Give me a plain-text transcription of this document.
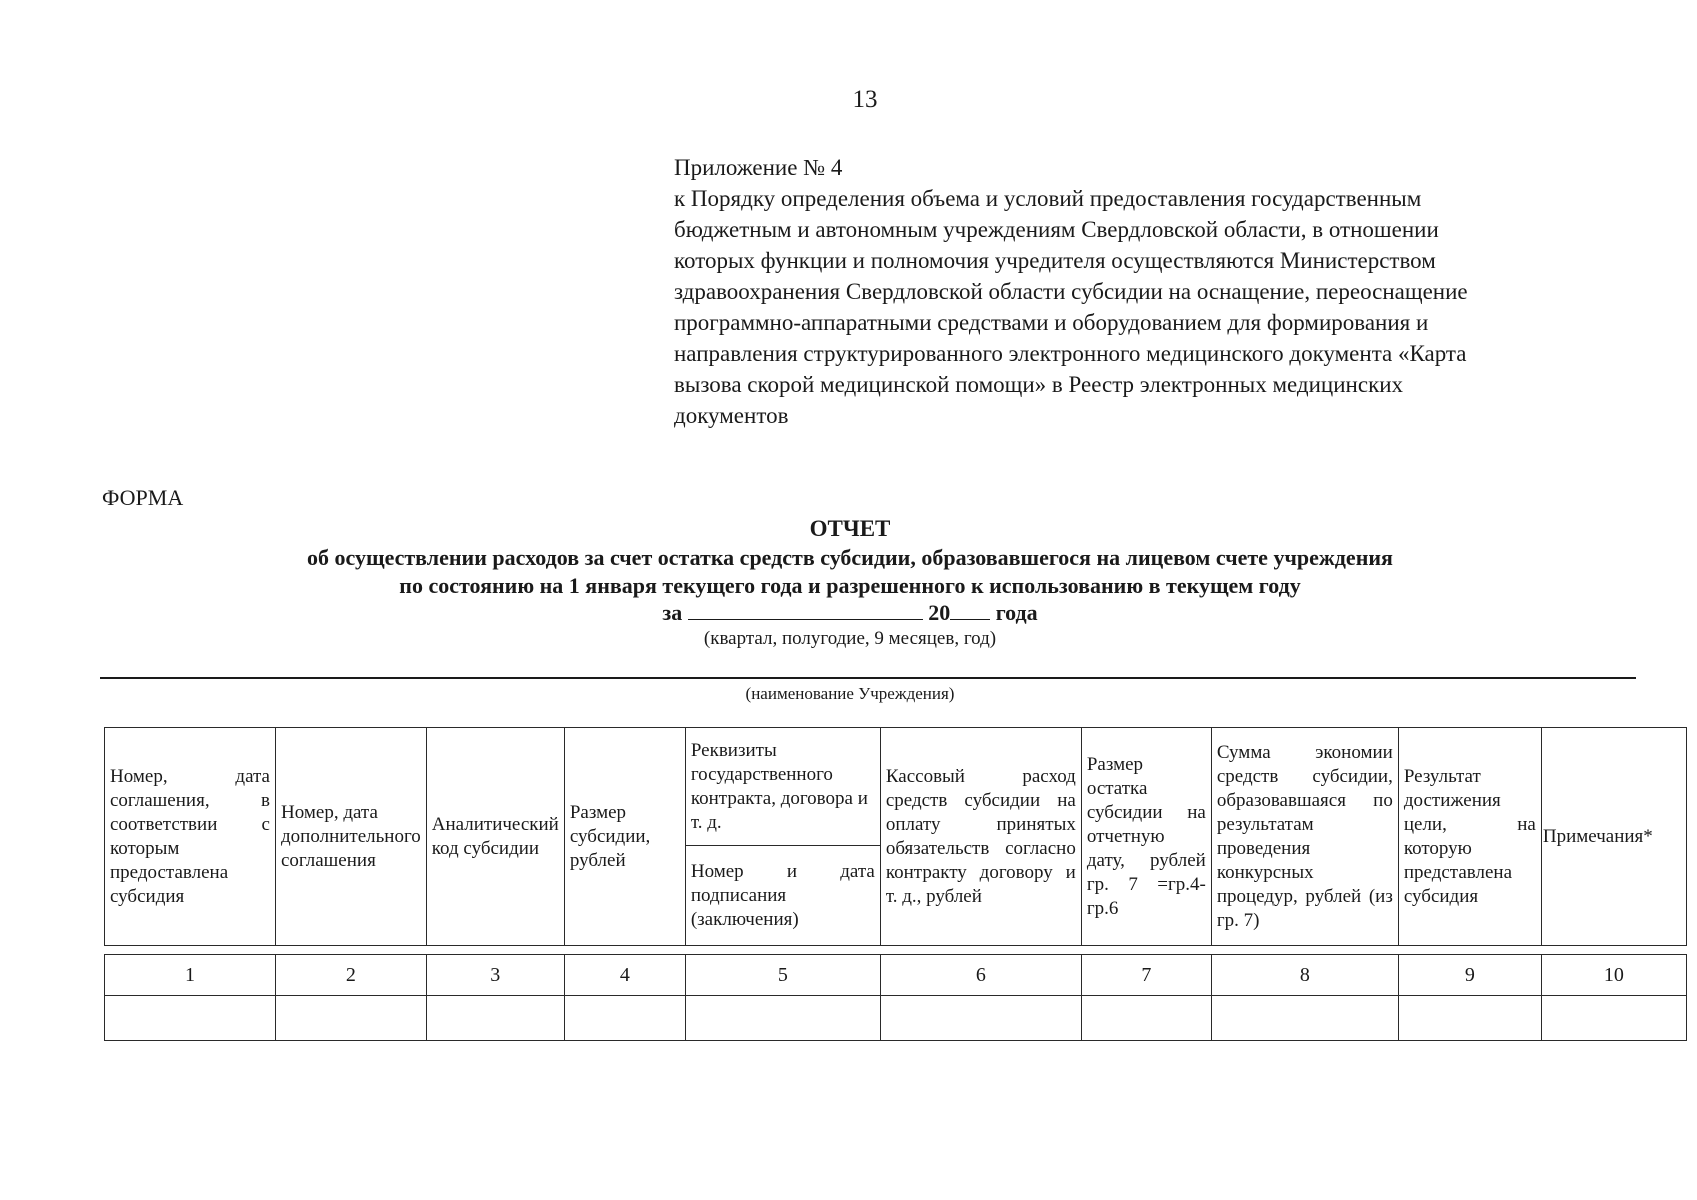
13
Приложение № 4
к Порядку определения объема и условий предоставления государственным
бюджетным и автономным учреждениям Свердловской области, в отношении
которых функции и полномочия учредителя осуществляются Министерством
здравоохранения Свердловской области субсидии на оснащение, переоснащение
программно-аппаратными средствами и оборудованием для формирования и
направления структурированного электронного медицинского документа «Карта
вызова скорой медицинской помощи» в Реестр электронных медицинских
документов
ФОРМА
ОТЧЕТ
об осуществлении расходов за счет остатка средств субсидии, образовавшегося на лицевом счете учреждения
по состоянию на 1 января текущего года и разрешенного к использованию в текущем году
за	20 года
(квартал, полугодие, 9 месяцев, год)
(наименование Учреждения)
Номер, дата соглашения, в соответствии с которым предоставлена субсидия	Номер, дата дополнительного соглашения	Аналитический код субсидии	Размер субсидии, рублей	Реквизиты государственного контракта, договора и т. д.	Кассовый расход средств субсидии на оплату принятых обязательств согласно контракту договору и т. д., рублей	Размер остатка субсидии на отчетную дату, рублей гр. 7 =гр.4-гр.6	Сумма экономии средств субсидии, образовавшаяся по результатам проведения конкурсных процедур, рублей (из гр. 7)	Результат достижения цели, на которую представлена субсидия	Примечания*
				Номер и дата подписания (заключения)					

1	2	3	4	5	6	7	8	9	10
